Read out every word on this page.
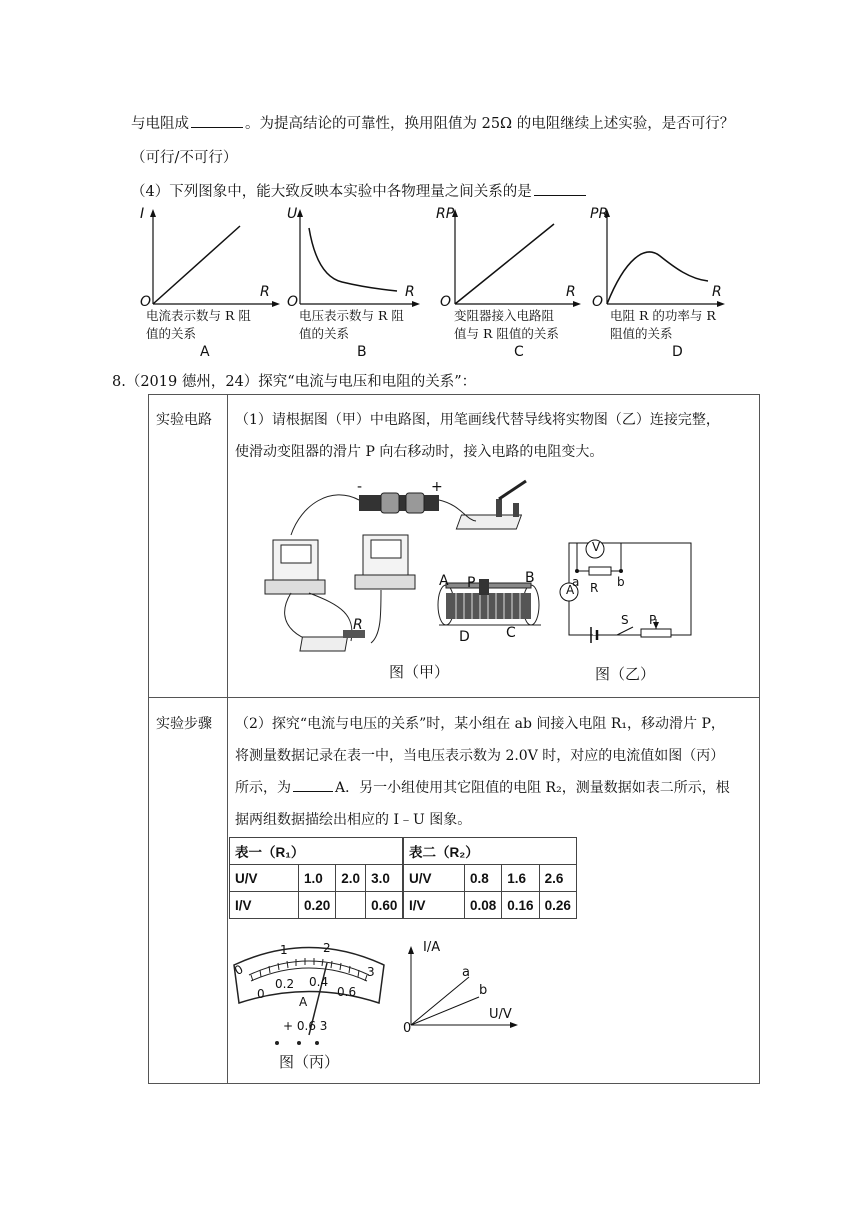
与电阻成	。为提高结论的可靠性，换用阻值为 25Ω 的电阻继续上述实验，是否可行？
（可行/不可行）
（4）下列图象中，能大致反映本实验中各物理量之间关系的是
I
R
O
电流表示数与 R 阻
值的关系
A
U
R
O
电压表示数与 R 阻
值的关系
B
RP
R
O
变阻器接入电路阻
值与 R 阻值的关系
C
PR
R
O
电阻 R 的功率与 R
阻值的关系
D
8.（2019 德州，24）探究“电流与电压和电阻的关系”：
实验电路 （1）请根据图（甲）中电路图，用笔画线代替导线将实物图（乙）连接完整，
使滑动变阻器的滑片 P 向右移动时，接入电路的电阻变大。
-	+
A P	B
D	C
R
图（甲）
V
A
a	b
R
S P
图（乙）
实验步骤 （2）探究“电流与电压的关系”时，某小组在 ab 间接入电阻 R₁，移动滑片 P，
将测量数据记录在表一中，当电压表示数为 2.0V 时，对应的电流值如图（丙）
所示，为	A．另一小组使用其它阻值的电阻 R₂，测量数据如表二所示，根
据两组数据描绘出相应的 I﹣U 图象。
表一（R₁）			
U/V	1.0	2.0	3.0
I/V	0.20		0.60
表二（R₂）			
U/V	0.8	1.6	2.6
I/V	0.08	0.16	0.26
0
1	2
3
0
0.2 0.4
0.6
A
+ 0.6 3
图（丙）
I/A
U/V
0
a
b
